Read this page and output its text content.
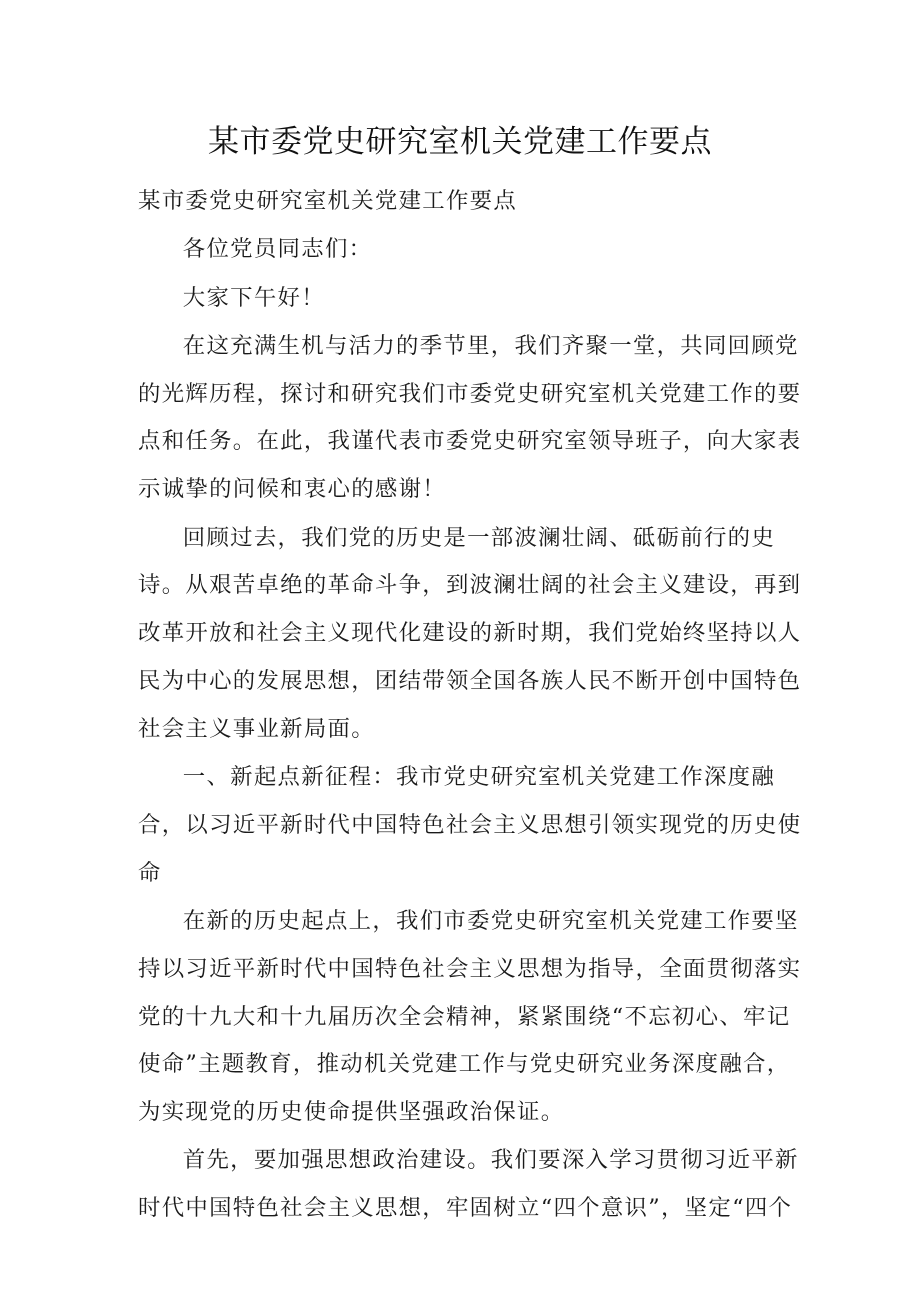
某市委党史研究室机关党建工作要点

某市委党史研究室机关党建工作要点

各位党员同志们：

大家下午好！

在这充满生机与活力的季节里，我们齐聚一堂，共同回顾党的光辉历程，探讨和研究我们市委党史研究室机关党建工作的要点和任务。在此，我谨代表市委党史研究室领导班子，向大家表示诚挚的问候和衷心的感谢！

回顾过去，我们党的历史是一部波澜壮阔、砥砺前行的史诗。从艰苦卓绝的革命斗争，到波澜壮阔的社会主义建设，再到改革开放和社会主义现代化建设的新时期，我们党始终坚持以人民为中心的发展思想，团结带领全国各族人民不断开创中国特色社会主义事业新局面。

一、新起点新征程：我市党史研究室机关党建工作深度融合，以习近平新时代中国特色社会主义思想引领实现党的历史使命

在新的历史起点上，我们市委党史研究室机关党建工作要坚持以习近平新时代中国特色社会主义思想为指导，全面贯彻落实党的十九大和十九届历次全会精神，紧紧围绕“不忘初心、牢记使命”主题教育，推动机关党建工作与党史研究业务深度融合，为实现党的历史使命提供坚强政治保证。

首先，要加强思想政治建设。我们要深入学习贯彻习近平新时代中国特色社会主义思想，牢固树立“四个意识”，坚定“四个
